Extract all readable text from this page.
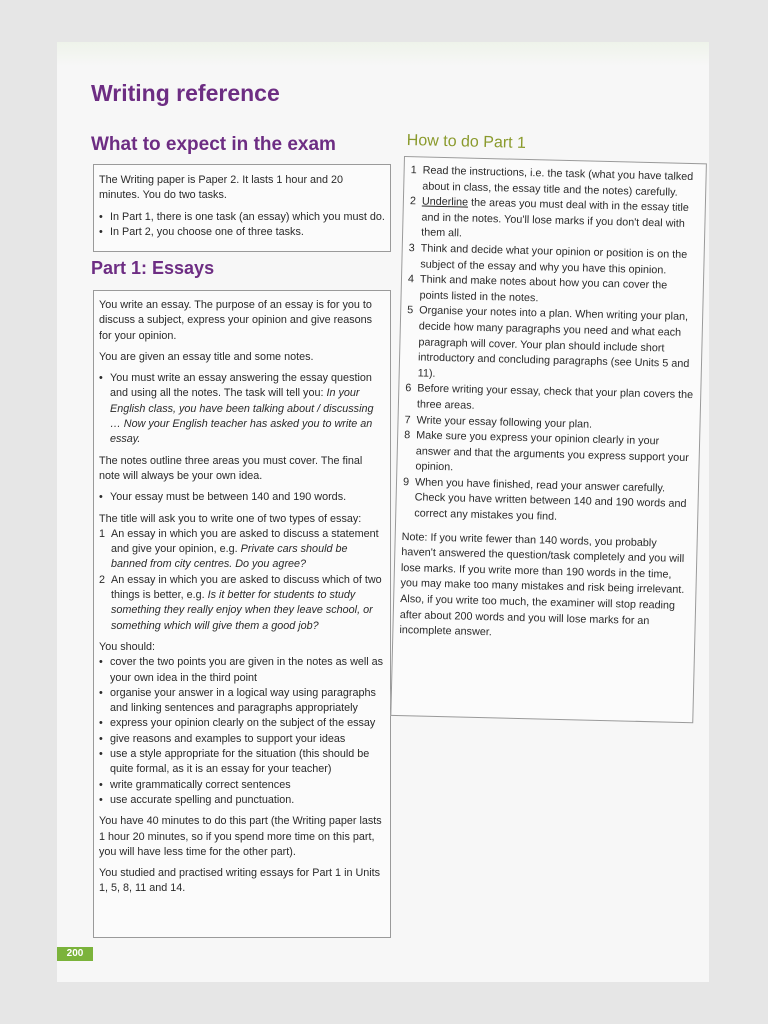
Writing reference
What to expect in the exam

The Writing paper is Paper 2. It lasts 1 hour and 20 minutes. You do two tasks.

• In Part 1, there is one task (an essay) which you must do.
• In Part 2, you choose one of three tasks.
Part 1: Essays

You write an essay. The purpose of an essay is for you to discuss a subject, express your opinion and give reasons for your opinion.

You are given an essay title and some notes.

• You must write an essay answering the essay question and using all the notes. The task will tell you: In your English class, you have been talking about / discussing … Now your English teacher has asked you to write an essay.

The notes outline three areas you must cover. The final note will always be your own idea.

• Your essay must be between 140 and 190 words.

The title will ask you to write one of two types of essay:

1 An essay in which you are asked to discuss a statement and give your opinion, e.g. Private cars should be banned from city centres. Do you agree?
2 An essay in which you are asked to discuss which of two things is better, e.g. Is it better for students to study something they really enjoy when they leave school, or something which will give them a good job?

You should:

• cover the two points you are given in the notes as well as your own idea in the third point
• organise your answer in a logical way using paragraphs and linking sentences and paragraphs appropriately
• express your opinion clearly on the subject of the essay
• give reasons and examples to support your ideas
• use a style appropriate for the situation (this should be quite formal, as it is an essay for your teacher)
• write grammatically correct sentences
• use accurate spelling and punctuation.

You have 40 minutes to do this part (the Writing paper lasts 1 hour 20 minutes, so if you spend more time on this part, you will have less time for the other part).

You studied and practised writing essays for Part 1 in Units 1, 5, 8, 11 and 14.

How to do Part 1
1 Read the instructions, i.e. the task (what you have talked about in class, the essay title and the notes) carefully.
2 Underline the areas you must deal with in the essay title and in the notes. You'll lose marks if you don't deal with them all.
3 Think and decide what your opinion or position is on the subject of the essay and why you have this opinion.
4 Think and make notes about how you can cover the points listed in the notes.
5 Organise your notes into a plan. When writing your plan, decide how many paragraphs you need and what each paragraph will cover. Your plan should include short introductory and concluding paragraphs (see Units 5 and 11).
6 Before writing your essay, check that your plan covers the three areas.
7 Write your essay following your plan.
8 Make sure you express your opinion clearly in your answer and that the arguments you express support your opinion.
9 When you have finished, read your answer carefully. Check you have written between 140 and 190 words and correct any mistakes you find.

Note: If you write fewer than 140 words, you probably haven't answered the question/task completely and you will lose marks. If you write more than 190 words in the time, you may make too many mistakes and risk being irrelevant. Also, if you write too much, the examiner will stop reading after about 200 words and you will lose marks for an incomplete answer.

200
